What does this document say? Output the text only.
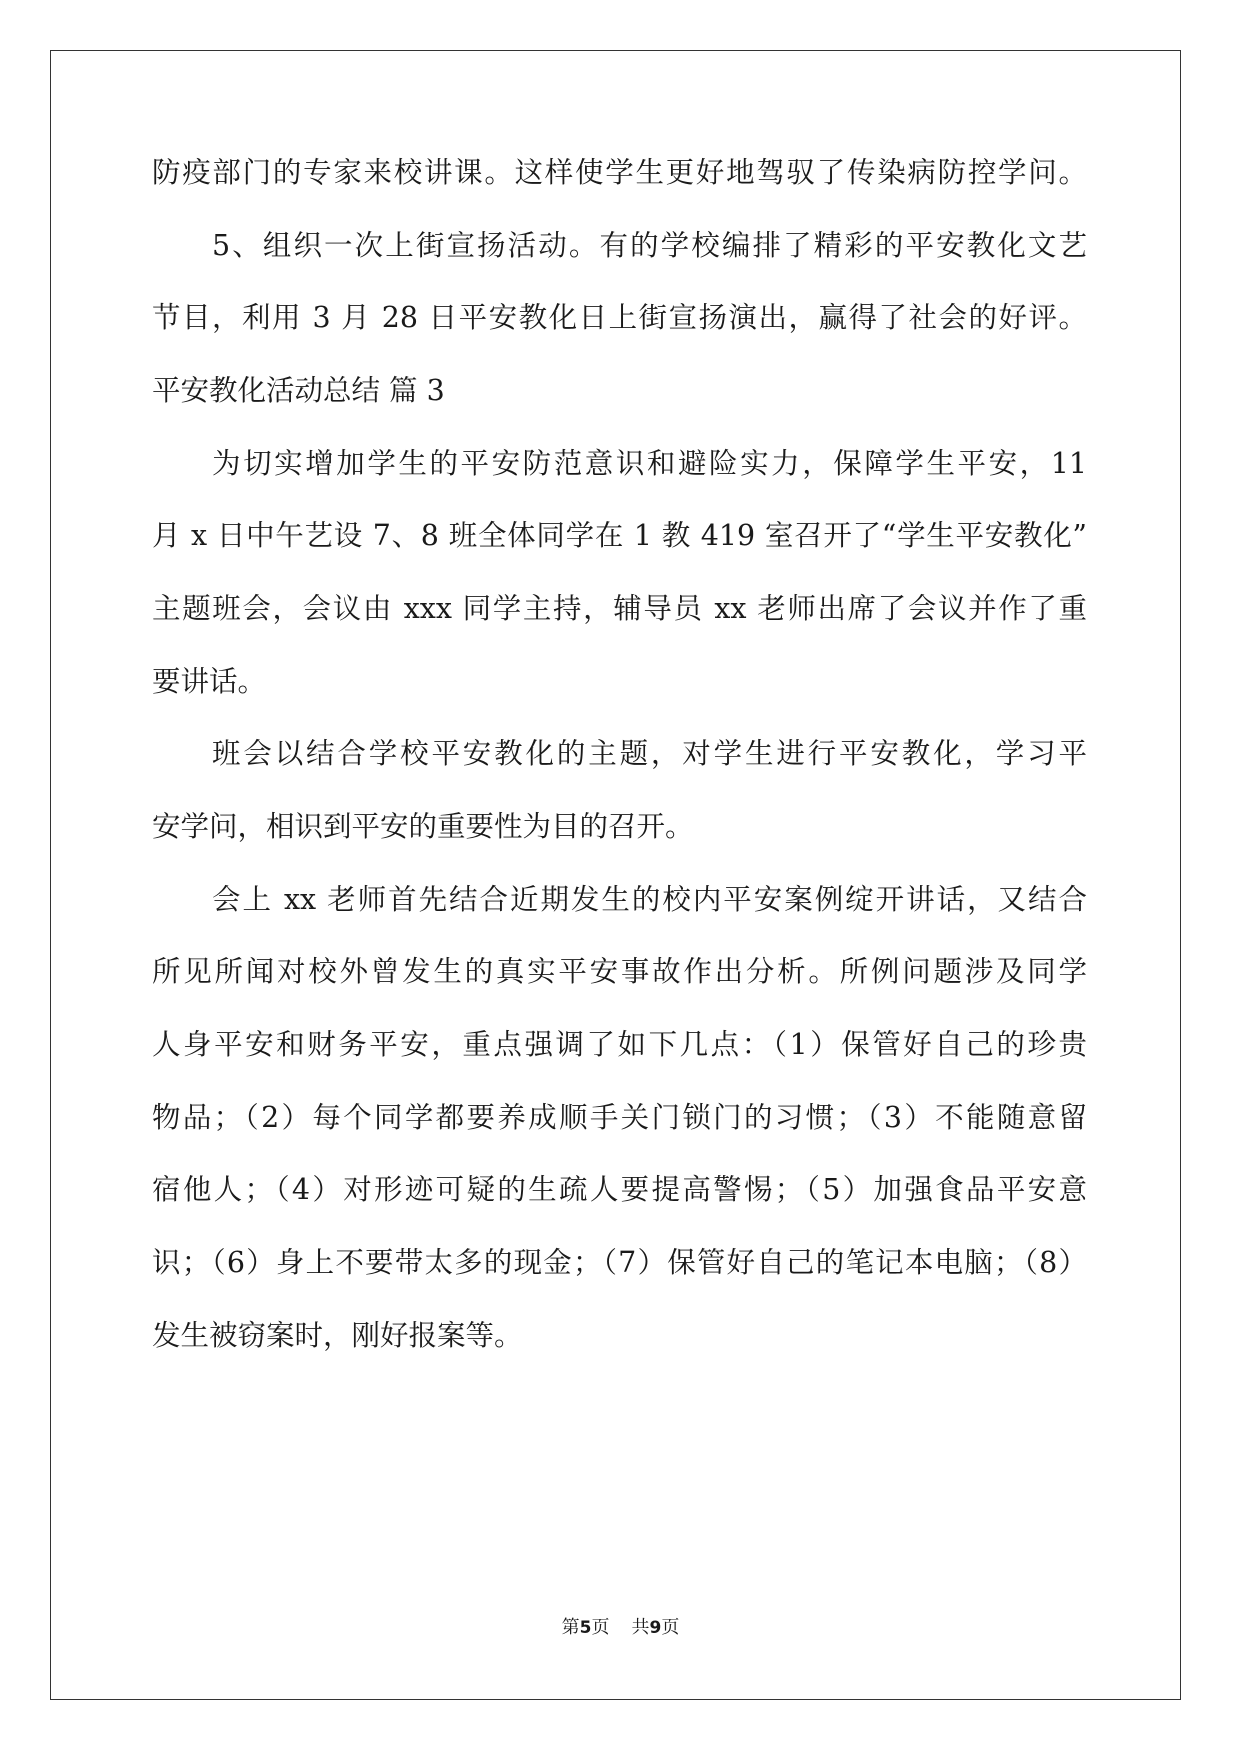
防疫部门的专家来校讲课。这样使学生更好地驾驭了传染病防控学问。
5、组织一次上街宣扬活动。有的学校编排了精彩的平安教化文艺
节目，利用 3 月 28 日平安教化日上街宣扬演出，赢得了社会的好评。
平安教化活动总结 篇 3
为切实增加学生的平安防范意识和避险实力，保障学生平安，11
月 x 日中午艺设 7、8 班全体同学在 1 教 419 室召开了“学生平安教化”
主题班会，会议由 xxx 同学主持，辅导员 xx 老师出席了会议并作了重
要讲话。
班会以结合学校平安教化的主题，对学生进行平安教化，学习平
安学问，相识到平安的重要性为目的召开。
会上 xx 老师首先结合近期发生的校内平安案例绽开讲话，又结合
所见所闻对校外曾发生的真实平安事故作出分析。所例问题涉及同学
人身平安和财务平安，重点强调了如下几点：（1）保管好自己的珍贵
物品；（2）每个同学都要养成顺手关门锁门的习惯；（3）不能随意留
宿他人；（4）对形迹可疑的生疏人要提高警惕；（5）加强食品平安意
识；（6）身上不要带太多的现金；（7）保管好自己的笔记本电脑；（8）
发生被窃案时，刚好报案等。
第5页 共9页
